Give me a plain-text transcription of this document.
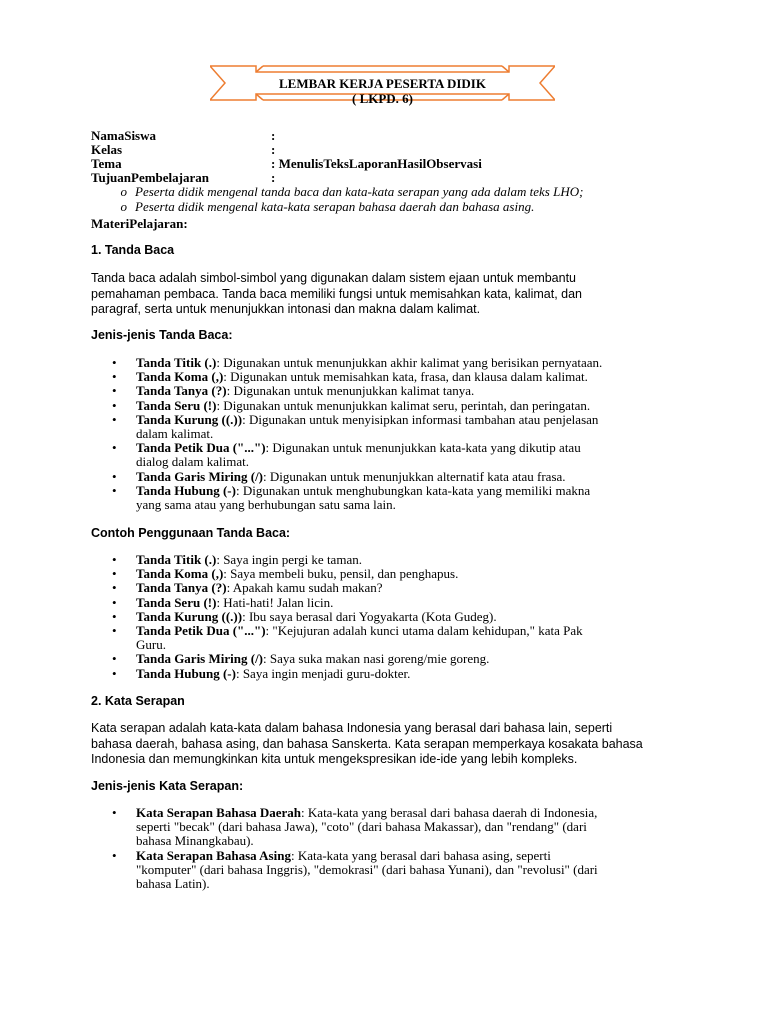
LEMBAR KERJA PESERTA DIDIK
( LKPD. 6)
NamaSiswa	:
Kelas	:
Tema	: MenulisTeksLaporanHasilObservasi
TujuanPembelajaran	:
o Peserta didik mengenal tanda baca dan kata-kata serapan yang ada dalam teks LHO;
o Peserta didik mengenal kata-kata serapan bahasa daerah dan bahasa asing.
MateriPelajaran:
1. Tanda Baca
Tanda baca adalah simbol-simbol yang digunakan dalam sistem ejaan untuk membantu
pemahaman pembaca. Tanda baca memiliki fungsi untuk memisahkan kata, kalimat, dan
paragraf, serta untuk menunjukkan intonasi dan makna dalam kalimat.
Jenis-jenis Tanda Baca:
•	Tanda Titik (.): Digunakan untuk menunjukkan akhir kalimat yang berisikan pernyataan.
•	Tanda Koma (,): Digunakan untuk memisahkan kata, frasa, dan klausa dalam kalimat.
•	Tanda Tanya (?): Digunakan untuk menunjukkan kalimat tanya.
•	Tanda Seru (!): Digunakan untuk menunjukkan kalimat seru, perintah, dan peringatan.
•	Tanda Kurung ((.)): Digunakan untuk menyisipkan informasi tambahan atau penjelasan
dalam kalimat.
•	Tanda Petik Dua ("..."): Digunakan untuk menunjukkan kata-kata yang dikutip atau
dialog dalam kalimat.
•	Tanda Garis Miring (/): Digunakan untuk menunjukkan alternatif kata atau frasa.
•	Tanda Hubung (-): Digunakan untuk menghubungkan kata-kata yang memiliki makna
yang sama atau yang berhubungan satu sama lain.
Contoh Penggunaan Tanda Baca:
•	Tanda Titik (.): Saya ingin pergi ke taman.
•	Tanda Koma (,): Saya membeli buku, pensil, dan penghapus.
•	Tanda Tanya (?): Apakah kamu sudah makan?
•	Tanda Seru (!): Hati-hati! Jalan licin.
•	Tanda Kurung ((.)): Ibu saya berasal dari Yogyakarta (Kota Gudeg).
•	Tanda Petik Dua ("..."): "Kejujuran adalah kunci utama dalam kehidupan," kata Pak
Guru.
•	Tanda Garis Miring (/): Saya suka makan nasi goreng/mie goreng.
•	Tanda Hubung (-): Saya ingin menjadi guru-dokter.
2. Kata Serapan
Kata serapan adalah kata-kata dalam bahasa Indonesia yang berasal dari bahasa lain, seperti
bahasa daerah, bahasa asing, dan bahasa Sanskerta. Kata serapan memperkaya kosakata bahasa
Indonesia dan memungkinkan kita untuk mengekspresikan ide-ide yang lebih kompleks.
Jenis-jenis Kata Serapan:
•	Kata Serapan Bahasa Daerah: Kata-kata yang berasal dari bahasa daerah di Indonesia,
seperti "becak" (dari bahasa Jawa), "coto" (dari bahasa Makassar), dan "rendang" (dari
bahasa Minangkabau).
•	Kata Serapan Bahasa Asing: Kata-kata yang berasal dari bahasa asing, seperti
"komputer" (dari bahasa Inggris), "demokrasi" (dari bahasa Yunani), dan "revolusi" (dari
bahasa Latin).
